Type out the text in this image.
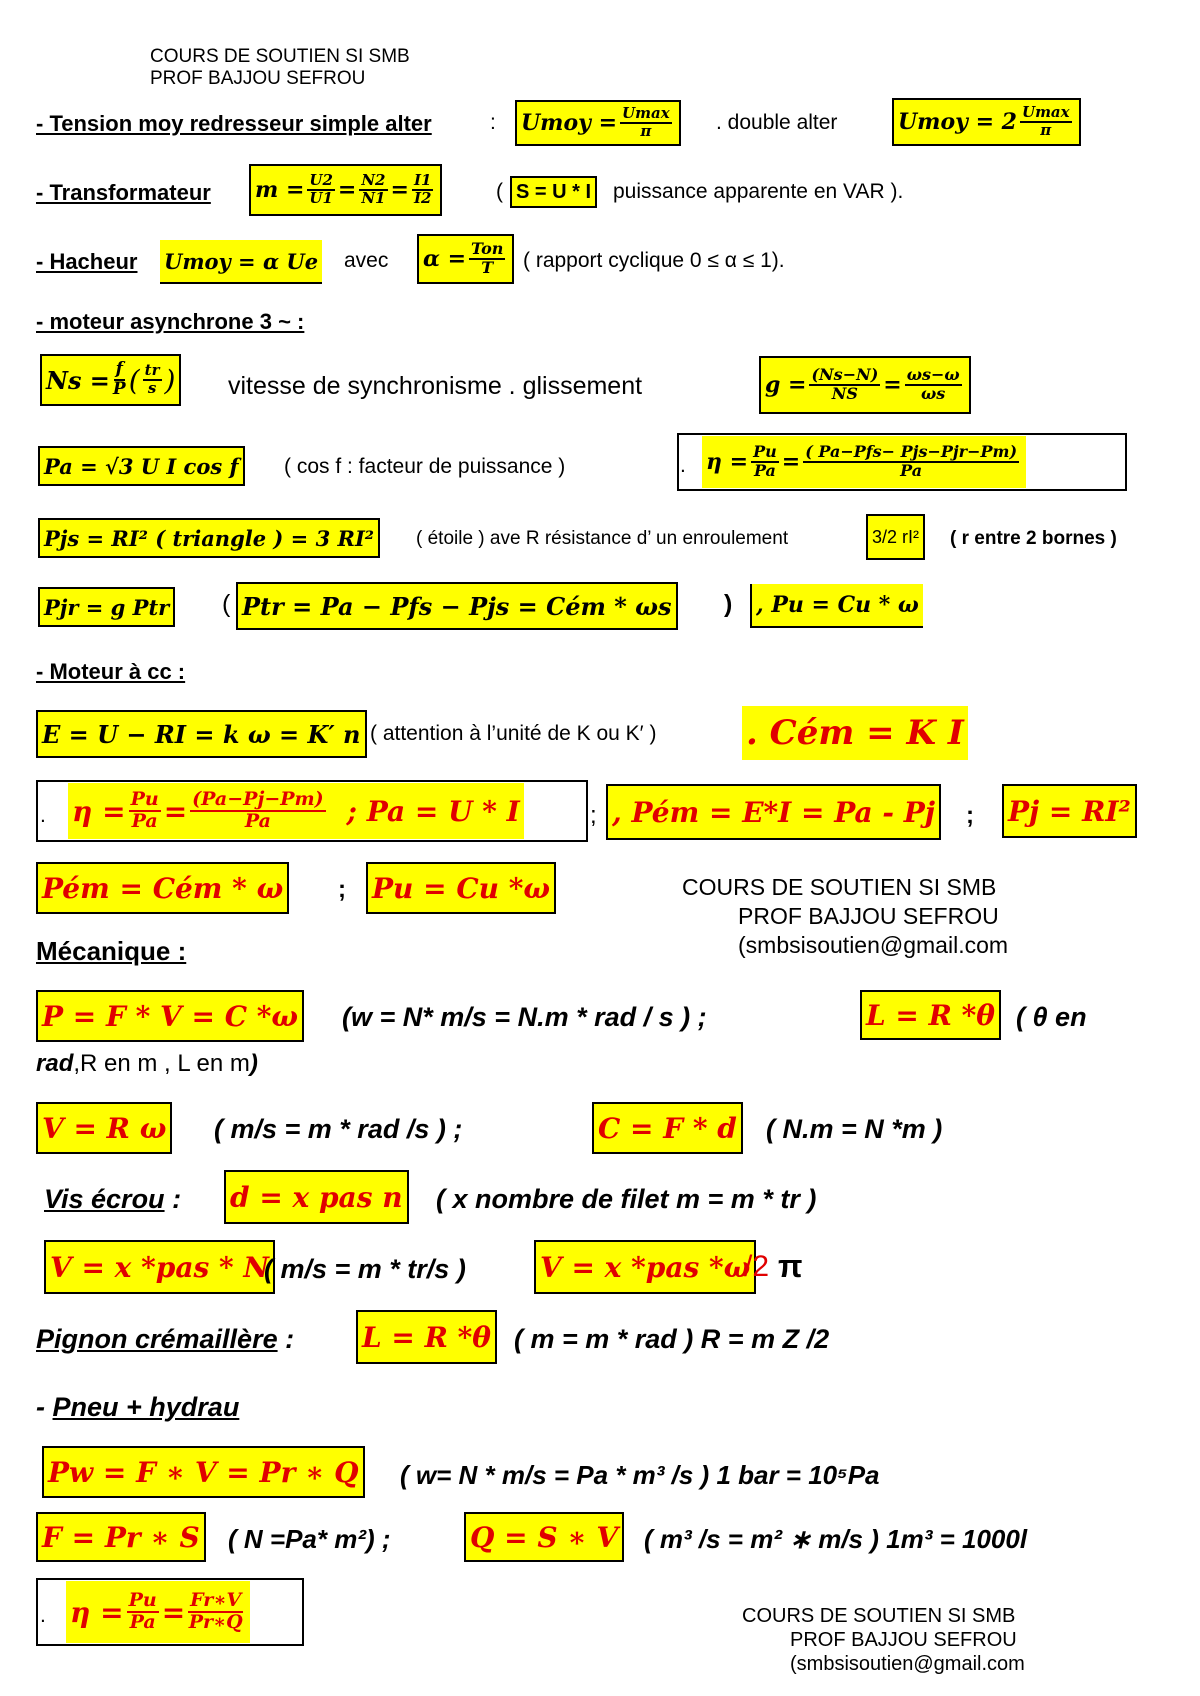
COURS DE SOUTIEN SI SMB
PROF BAJJOU SEFROU
- Tension moy redresseur simple alter	: Umoy = $\frac{Umax}{\pi}$ . double alter	Umoy = $2 \frac{Umax}{\pi}$
- Transformateur $m = \frac{U2}{U1} = \frac{N2}{N1} = \frac{I1}{I2}$	( S = U * I puissance apparente en VAR ).
- Hacheur Umoy = α Ue avec $\alpha = \frac{\text{Ton}}{T}$ ( rapport cyclique 0 ≤ α ≤ 1).
- moteur asynchrone 3 ~ :
$Ns = \frac{f}{P}$ ( $\frac{tr}{s}$ ) vitesse de synchronisme . glissement	$g = \frac{(Ns-N)}{NS} = \frac{\omega s-\omega}{\omega s}$
Pa = √3 U I cos f ( cos f : facteur de puissance )	. $\eta = \frac{Pu}{Pa} = \frac{\text{( Pa−Pfs− Pjs−Pjr−Pm)}}{Pa}$
Pjs = RI² ( triangle ) = 3 RI²	( étoile ) ave R résistance d’ un enroulement	3/2 rI²	( r entre 2 bornes )
Pjr = g Ptr ( Ptr = Pa − Pfs − Pjs = Cém * ωs ) , Pu = Cu * ω
- Moteur à cc :
E = U − RI = k ω = K′ n ( attention à l’unité de K ou K′ )	. Cém = K I
. $\eta = \frac{Pu}{Pa} = \frac{(Pa-Pj-Pm)}{Pa}$ ; Pa = U * I	; , Pém = E*I = Pa - Pj ; Pj = RI²
Pém = Cém * ω ; Pu = Cu *ω	COURS DE SOUTIEN SI SMB
PROF BAJJOU SEFROU
(smbsisoutien@gmail.com
Mécanique :
P = F * V = C *ω (w = N* m/s = N.m * rad / s ) ;	L = R *θ ( θ en
rad,R en m , L en m)
V = R ω ( m/s = m * rad /s ) ;	C = F * d ( N.m = N *m )
Vis écrou : d = x pas n ( x nombre de filet m = m * tr )
V = x *pas * N
( m/s = m * tr/s )	V = x *pas *ω
/2 π
Pignon crémaillère : L = R *θ ( m = m * rad ) R = m Z /2
- Pneu + hydrau
Pw = F ∗ V = Pr ∗ Q ( w= N * m/s = Pa * m³ /s ) 1 bar = 10⁵Pa
F = Pr ∗ S ( N =Pa* m²) ;	Q = S ∗ V ( m³ /s = m² ∗ m/s ) 1m³ = 1000l
. $\eta = \frac{Pu}{Pa} = \frac{Fr∗V}{Pr∗Q}$	COURS DE SOUTIEN SI SMB
PROF BAJJOU SEFROU
(smbsisoutien@gmail.com
